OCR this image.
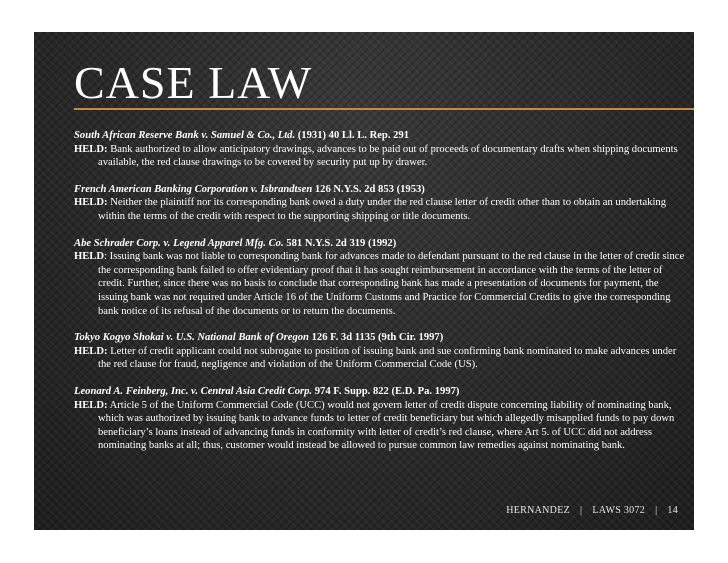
CASE LAW

South African Reserve Bank v. Samuel & Co., Ltd. (1931) 40 Ll. L. Rep. 291

HELD: Bank authorized to allow anticipatory drawings, advances to be paid out of proceeds of documentary drafts when shipping documents available, the red clause drawings to be covered by security put up by drawer.

French American Banking Corporation v. Isbrandtsen 126 N.Y.S. 2d 853 (1953)

HELD: Neither the plaintiff nor its corresponding bank owed a duty under the red clause letter of credit other than to obtain an undertaking within the terms of the credit with respect to the supporting shipping or title documents.

Abe Schrader Corp. v. Legend Apparel Mfg. Co. 581 N.Y.S. 2d 319 (1992)

HELD: Issuing bank was not liable to corresponding bank for advances made to defendant pursuant to the red clause in the letter of credit since the corresponding bank failed to offer evidentiary proof that it has sought reimbursement in accordance with the terms of the letter of credit. Further, since there was no basis to conclude that corresponding bank has made a presentation of documents for payment, the issuing bank was not required under Article 16 of the Uniform Customs and Practice for Commercial Credits to give the corresponding bank notice of its refusal of the documents or to return the documents.

Tokyo Kogyo Shokai v. U.S. National Bank of Oregon 126 F. 3d 1135 (9th Cir. 1997)

HELD: Letter of credit applicant could not subrogate to position of issuing bank and sue confirming bank nominated to make advances under the red clause for fraud, negligence and violation of the Uniform Commercial Code (US).

Leonard A. Feinberg, Inc. v. Central Asia Credit Corp. 974 F. Supp. 822 (E.D. Pa. 1997)

HELD: Article 5 of the Uniform Commercial Code (UCC) would not govern letter of credit dispute concerning liability of nominating bank, which was authorized by issuing bank to advance funds to letter of credit beneficiary but which allegedly misapplied funds to pay down beneficiary’s loans instead of advancing funds in conformity with letter of credit’s red clause, where Art 5. of UCC did not address nominating banks at all; thus, customer would instead be allowed to pursue common law remedies against nominating bank.

HERNANDEZ | LAWS 3072 | 14
